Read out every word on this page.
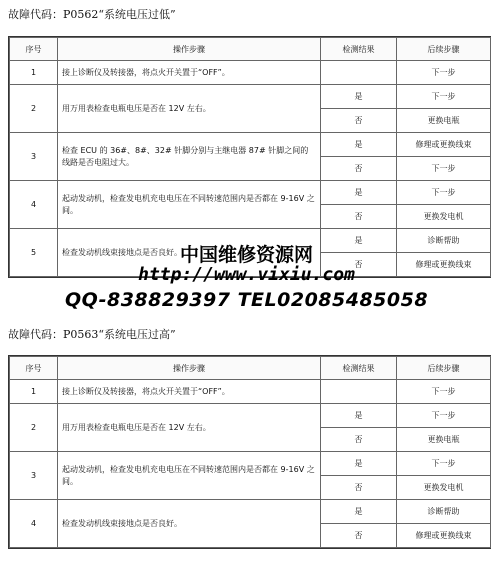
故障代码：P0562“系统电压过低”
序号	操作步骤	检测结果	后续步骤
1	接上诊断仪及转接器，将点火开关置于“OFF”。		下一步
2	用万用表检查电瓶电压是否在 12V 左右。	是	下一步
		否	更换电瓶
3	检查 ECU 的 36#、8#、32# 针脚分别与主继电器 87# 针脚之间的线路是否电阻过大。	是	修理或更换线束
		否	下一步
4	起动发动机，检查发电机充电电压在不同转速范围内是否都在 9-16V 之间。	是	下一步
		否	更换发电机
5	检查发动机线束接地点是否良好。	是	诊断帮助
		否	修理或更换线束
故障代码：P0563“系统电压过高”
序号	操作步骤	检测结果	后续步骤
1	接上诊断仪及转接器，将点火开关置于“OFF”。		下一步
2	用万用表检查电瓶电压是否在 12V 左右。	是	下一步
		否	更换电瓶
3	起动发动机，检查发电机充电电压在不同转速范围内是否都在 9-16V 之间。	是	下一步
		否	更换发电机
4	检查发动机线束接地点是否良好。	是	诊断帮助
		否	修理或更换线束
中国维修资源网
http://www.vixiu.com
QQ-838829397 TEL02085485058
